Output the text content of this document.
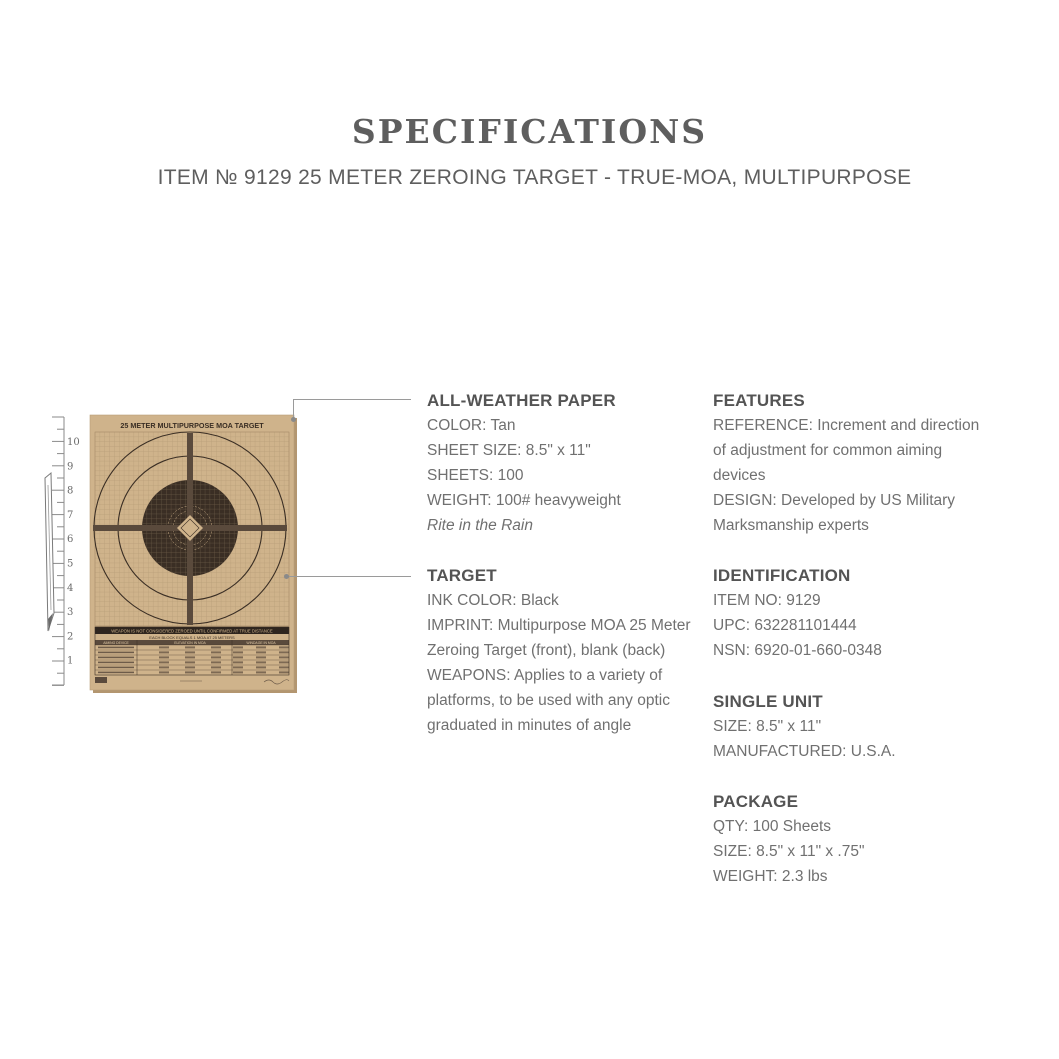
SPECIFICATIONS
ITEM № 9129 25 METER ZEROING TARGET - TRUE-MOA, MULTIPURPOSE
10
9
8
7
6
5
4
3
2
1
25 METER MULTIPURPOSE MOA TARGET
WEAPON IS NOT CONSIDERED ZEROED UNTIL CONFIRMED AT TRUE DISTANCE
EACH BLOCK EQUALS 1 MOA AT 25 METERS
AIMING DEVICE	ELEVATION IN MOA	WINDAGE IN MOA
ALL-WEATHER PAPER
COLOR: Tan
SHEET SIZE: 8.5" x 11"
SHEETS: 100
WEIGHT: 100# heavyweight
Rite in the Rain
TARGET
INK COLOR: Black
IMPRINT: Multipurpose MOA 25 Meter
Zeroing Target (front), blank (back)
WEAPONS: Applies to a variety of
platforms, to be used with any optic
graduated in minutes of angle
FEATURES
REFERENCE: Increment and direction
of adjustment for common aiming
devices
DESIGN: Developed by US Military
Marksmanship experts
IDENTIFICATION
ITEM NO: 9129
UPC: 632281101444
NSN: 6920-01-660-0348
SINGLE UNIT
SIZE: 8.5" x 11"
MANUFACTURED: U.S.A.
PACKAGE
QTY: 100 Sheets
SIZE: 8.5" x 11" x .75"
WEIGHT: 2.3 lbs
